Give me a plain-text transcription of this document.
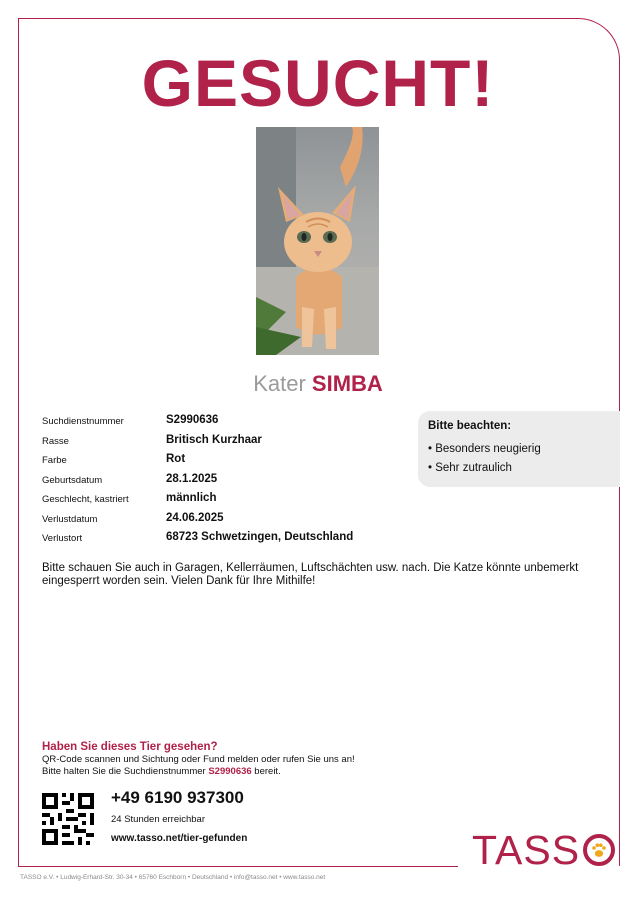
GESUCHT!
Kater SIMBA
Suchdienstnummer	S2990636
Rasse	Britisch Kurzhaar
Farbe	Rot
Geburtsdatum	28.1.2025
Geschlecht, kastriert	männlich
Verlustdatum	24.06.2025
Verlustort	68723 Schwetzingen, Deutschland
Bitte beachten:
• Besonders neugierig
• Sehr zutraulich
Bitte schauen Sie auch in Garagen, Kellerräumen, Luftschächten usw. nach. Die Katze könnte unbemerkt eingesperrt worden sein. Vielen Dank für Ihre Mithilfe!
Haben Sie dieses Tier gesehen?
QR-Code scannen und Sichtung oder Fund melden oder rufen Sie uns an!
Bitte halten Sie die Suchdienstnummer S2990636 bereit.
+49 6190 937300
24 Stunden erreichbar
www.tasso.net/tier-gefunden	TASS
TASSO e.V. • Ludwig-Erhard-Str. 30-34 • 65760 Eschborn • Deutschland • info@tasso.net • www.tasso.net
